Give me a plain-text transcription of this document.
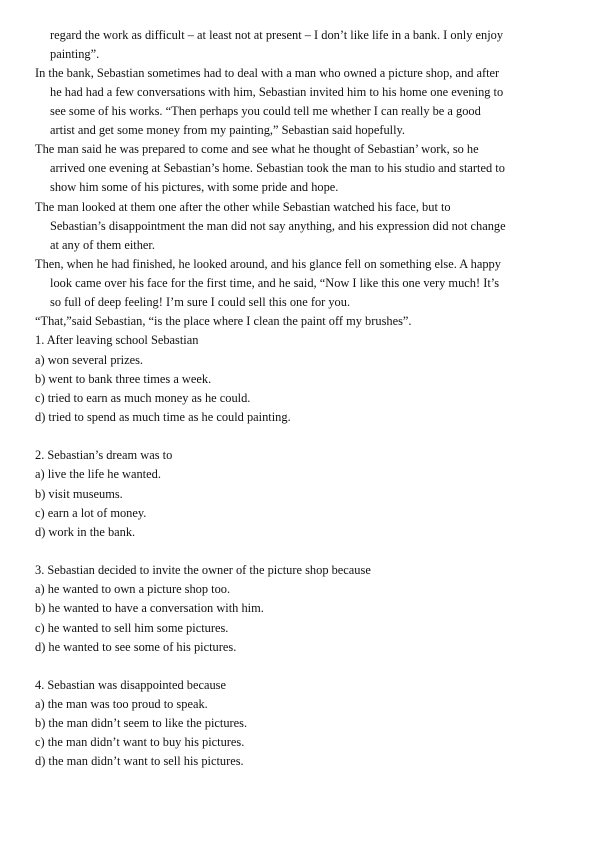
regard the work as difficult – at least not at present – I don’t like life in a bank. I only enjoy
painting”.
In the bank, Sebastian sometimes had to deal with a man who owned a picture shop, and after
he had had a few conversations with him, Sebastian invited him to his home one evening to
see some of his works. “Then perhaps you could tell me whether I can really be a good
artist and get some money from my painting,” Sebastian said hopefully.
The man said he was prepared to come and see what he thought of Sebastian’ work, so he
arrived one evening at Sebastian’s home. Sebastian took the man to his studio and started to
show him some of his pictures, with some pride and hope.
The man looked at them one after the other while Sebastian watched his face, but to
Sebastian’s disappointment the man did not say anything, and his expression did not change
at any of them either.
Then, when he had finished, he looked around, and his glance fell on something else. A happy
look came over his face for the first time, and he said, “Now I like this one very much! It’s
so full of deep feeling! I’m sure I could sell this one for you.
“That,”said Sebastian, “is the place where I clean the paint off my brushes”.
1. After leaving school Sebastian
a) won several prizes.
b) went to bank three times a week.
c) tried to earn as much money as he could.
d) tried to spend as much time as he could painting.
2. Sebastian’s dream was to
a) live the life he wanted.
b) visit museums.
c) earn a lot of money.
d) work in the bank.
3. Sebastian decided to invite the owner of the picture shop because
a) he wanted to own a picture shop too.
b) he wanted to have a conversation with him.
c) he wanted to sell him some pictures.
d) he wanted to see some of his pictures.
4. Sebastian was disappointed because
a) the man was too proud to speak.
b) the man didn’t seem to like the pictures.
c) the man didn’t want to buy his pictures.
d) the man didn’t want to sell his pictures.
